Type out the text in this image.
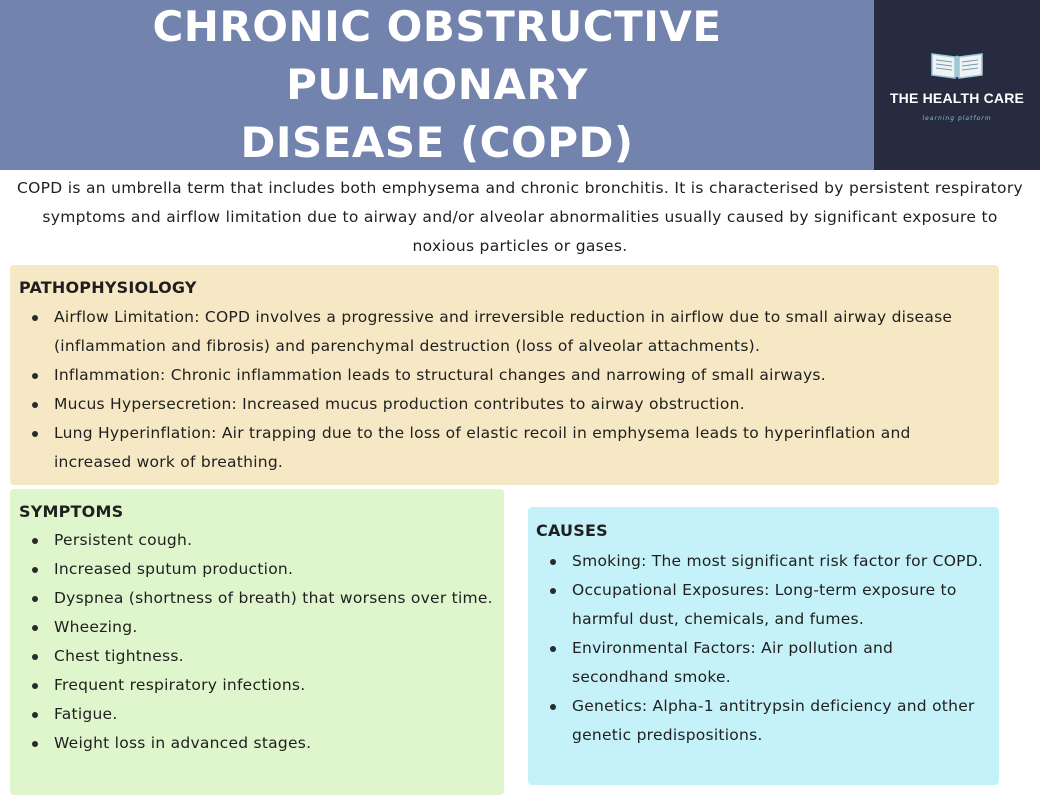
CHRONIC OBSTRUCTIVE PULMONARY
DISEASE (COPD)
THE HEALTH CARE
learning platform
COPD is an umbrella term that includes both emphysema and chronic bronchitis. It is characterised by persistent respiratory symptoms and airflow limitation due to airway and/or alveolar abnormalities usually caused by significant exposure to noxious particles or gases.
PATHOPHYSIOLOGY
Airflow Limitation: COPD involves a progressive and irreversible reduction in airflow due to small airway disease (inflammation and fibrosis) and parenchymal destruction (loss of alveolar attachments).
Inflammation: Chronic inflammation leads to structural changes and narrowing of small airways.
Mucus Hypersecretion: Increased mucus production contributes to airway obstruction.
Lung Hyperinflation: Air trapping due to the loss of elastic recoil in emphysema leads to hyperinflation and increased work of breathing.
SYMPTOMS
Persistent cough.
Increased sputum production.
Dyspnea (shortness of breath) that worsens over time.
Wheezing.
Chest tightness.
Frequent respiratory infections.
Fatigue.
Weight loss in advanced stages.
CAUSES
Smoking: The most significant risk factor for COPD.
Occupational Exposures: Long-term exposure to harmful dust, chemicals, and fumes.
Environmental Factors: Air pollution and secondhand smoke.
Genetics: Alpha-1 antitrypsin deficiency and other genetic predispositions.
